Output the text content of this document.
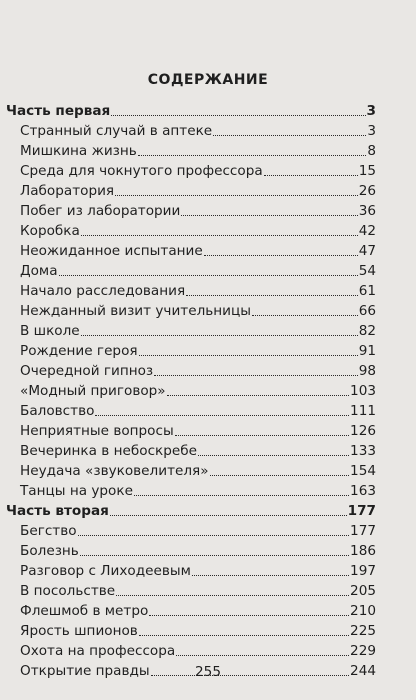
СОДЕРЖАНИЕ
Часть первая	3
Странный случай в аптеке	3
Мишкина жизнь	8
Среда для чокнутого профессора	15
Лаборатория	26
Побег из лаборатории	36
Коробка	42
Неожиданное испытание	47
Дома	54
Начало расследования	61
Нежданный визит учительницы	66
В школе	82
Рождение героя	91
Очередной гипноз	98
«Модный приговор»	103
Баловство	111
Неприятные вопросы	126
Вечеринка в небоскребе	133
Неудача «звуковелителя»	154
Танцы на уроке	163
Часть вторая	177
Бегство	177
Болезнь	186
Разговор с Лиходеевым	197
В посольстве	205
Флешмоб в метро	210
Ярость шпионов	225
Охота на профессора	229
Открытие правды	244
255
